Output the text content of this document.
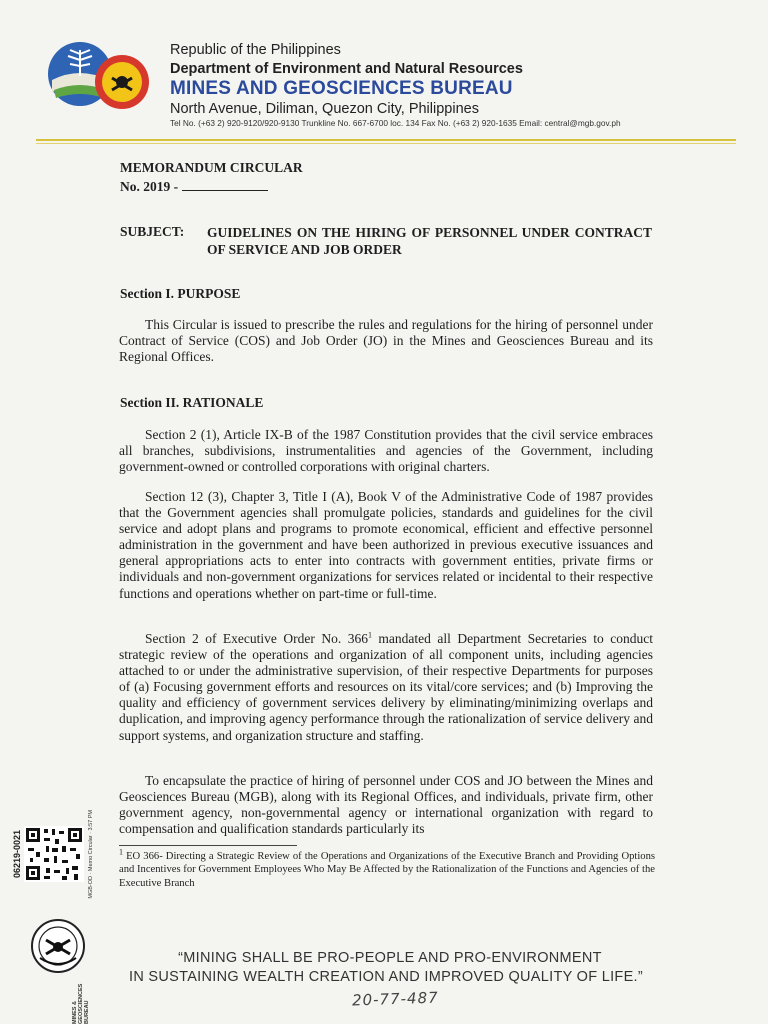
Republic of the Philippines
Department of Environment and Natural Resources
MINES AND GEOSCIENCES BUREAU
North Avenue, Diliman, Quezon City, Philippines
Tel No. (+63 2) 920-9120/920-9130 Trunkline No. 667-6700 loc. 134 Fax No. (+63 2) 920-1635 Email: central@mgb.gov.ph
MEMORANDUM CIRCULAR
No. 2019 -
SUBJECT: GUIDELINES ON THE HIRING OF PERSONNEL UNDER CONTRACT OF SERVICE AND JOB ORDER
Section I. PURPOSE
This Circular is issued to prescribe the rules and regulations for the hiring of personnel under Contract of Service (COS) and Job Order (JO) in the Mines and Geosciences Bureau and its Regional Offices.
Section II. RATIONALE
Section 2 (1), Article IX-B of the 1987 Constitution provides that the civil service embraces all branches, subdivisions, instrumentalities and agencies of the Government, including government-owned or controlled corporations with original charters.
Section 12 (3), Chapter 3, Title I (A), Book V of the Administrative Code of 1987 provides that the Government agencies shall promulgate policies, standards and guidelines for the civil service and adopt plans and programs to promote economical, efficient and effective personnel administration in the government and have been authorized in previous executive issuances and general appropriations acts to enter into contracts with government entities, private firms or individuals and non-government organizations for services related or incidental to their respective functions and operations whether on part-time or full-time.
Section 2 of Executive Order No. $366^1$ mandated all Department Secretaries to conduct strategic review of the operations and organization of all component units, including agencies attached to or under the administrative supervision, of their respective Departments for purposes of (a) Focusing government efforts and resources on its vital/core services; and (b) Improving the quality and efficiency of government services delivery by eliminating/minimizing overlaps and duplication, and improving agency performance through the rationalization of service delivery and support systems, and organization structure and staffing.
To encapsulate the practice of hiring of personnel under COS and JO between the Mines and Geosciences Bureau (MGB), along with its Regional Offices, and individuals, private firm, other government agency, non-governmental agency or international organization with regard to compensation and qualification standards particularly its
$^1$ EO 366- Directing a Strategic Review of the Operations and Organizations of the Executive Branch and Providing Options and Incentives for Government Employees Who May Be Affected by the Rationalization of the Functions and Agencies of the Executive Branch
06219-0021	MGB-OD · Memo Circular · 3:57 PM
MINES & GEOSCIENCES BUREAU
“MINING SHALL BE PRO-PEOPLE AND PRO-ENVIRONMENT
IN SUSTAINING WEALTH CREATION AND IMPROVED QUALITY OF LIFE.”
20-77-487
